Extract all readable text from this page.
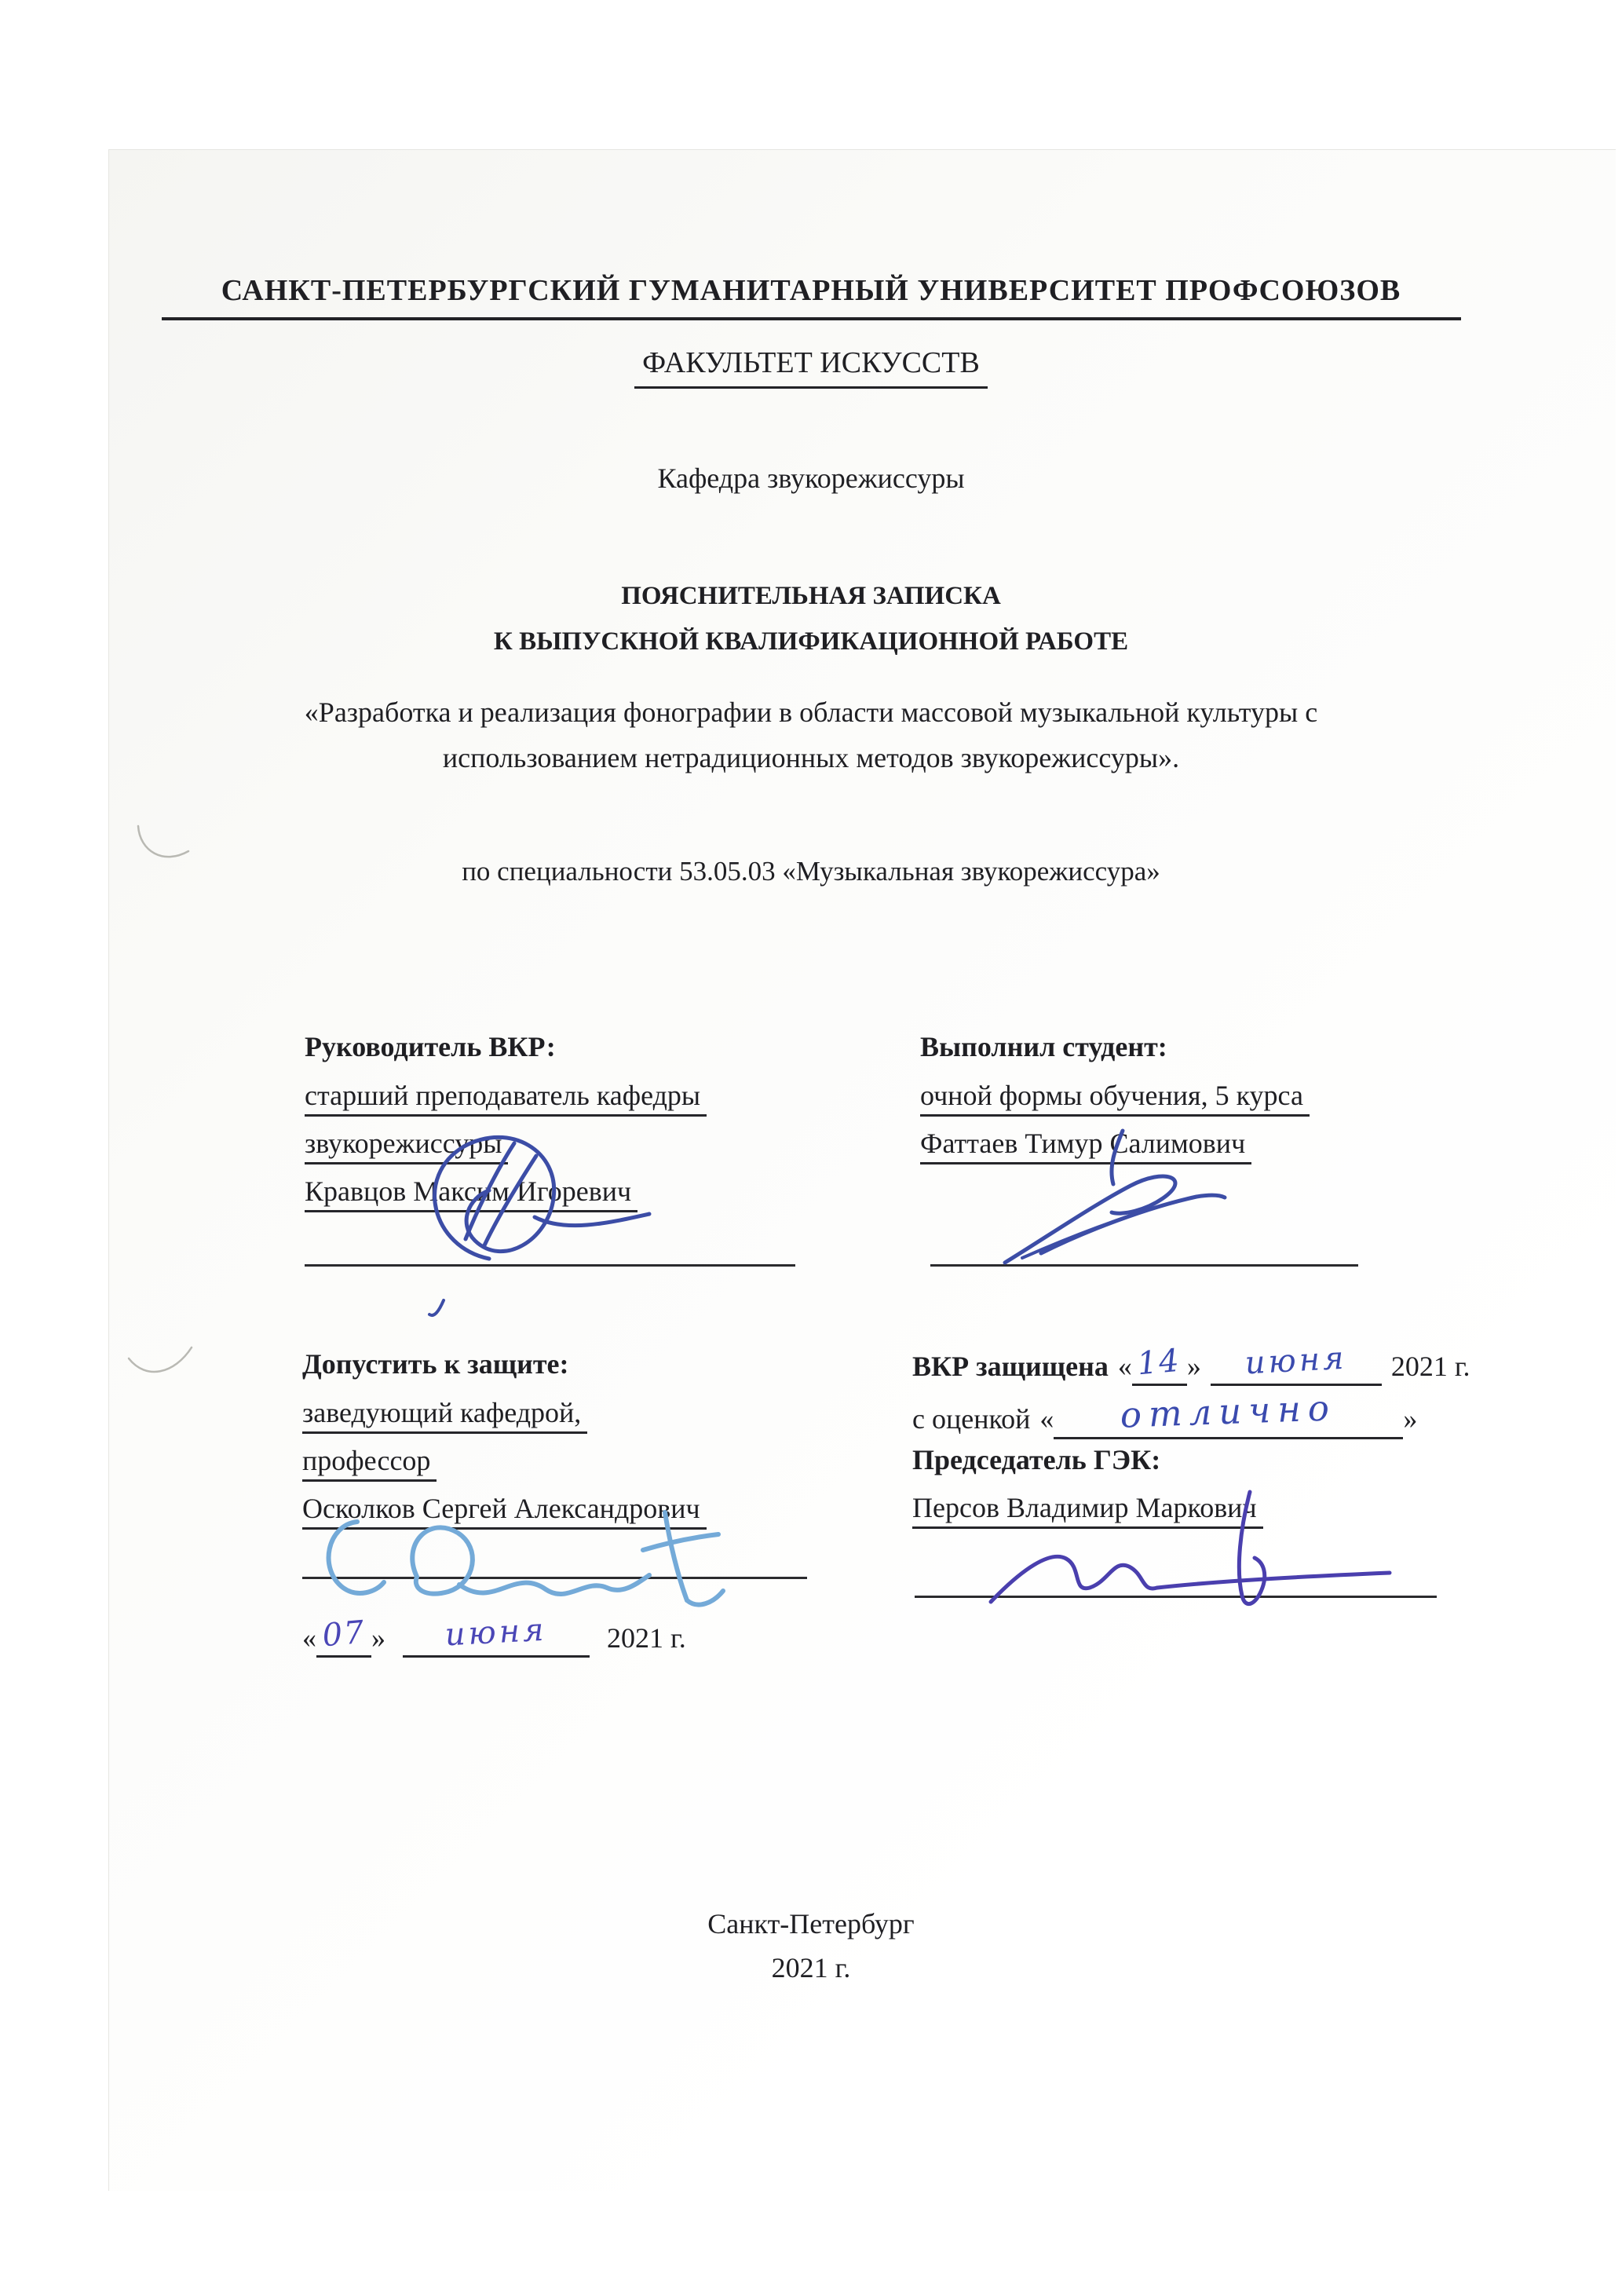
САНКТ-ПЕТЕРБУРГСКИЙ ГУМАНИТАРНЫЙ УНИВЕРСИТЕТ ПРОФСОЮЗОВ
ФАКУЛЬТЕТ ИСКУССТВ
Кафедра звукорежиссуры
ПОЯСНИТЕЛЬНАЯ ЗАПИСКА
К ВЫПУСКНОЙ КВАЛИФИКАЦИОННОЙ РАБОТЕ
«Разработка и реализация фонографии в области массовой музыкальной культуры с использованием нетрадиционных методов звукорежиссуры».
по специальности 53.05.03 «Музыкальная звукорежиссура»
Руководитель ВКР:
старший преподаватель кафедры
звукорежиссуры
Кравцов Максим Игоревич
Выполнил студент:
очной формы обучения, 5 курса
Фаттаев Тимур Салимович
Допустить к защите:
заведующий кафедрой,
профессор
Осколков Сергей Александрович
ВКР защищена « 14 »	июня	2021 г.
с оценкой «	отлично	»
Председатель ГЭК:
Персов Владимир Маркович
« 07 »	июня	2021 г.
Санкт-Петербург
2021 г.
